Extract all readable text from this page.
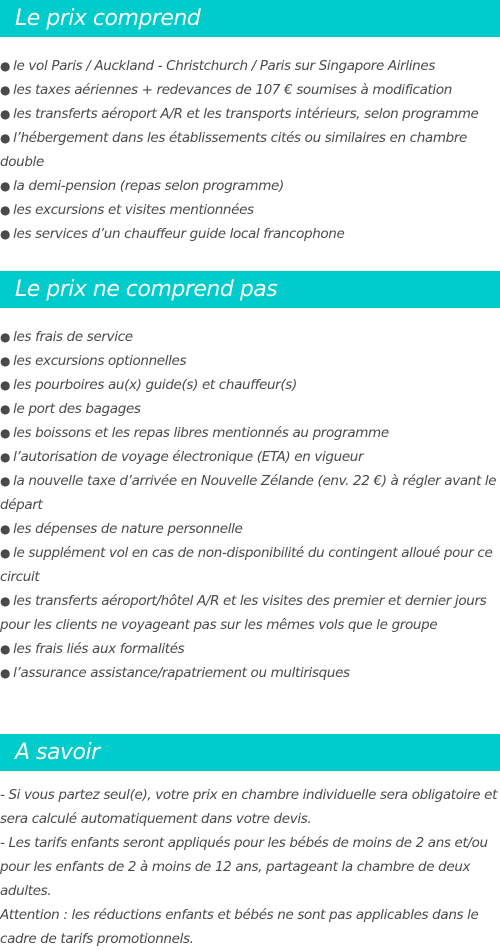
Le prix comprend
● le vol Paris / Auckland - Christchurch / Paris sur Singapore Airlines
● les taxes aériennes + redevances de 107 € soumises à modification
● les transferts aéroport A/R et les transports intérieurs, selon programme
● l’hébergement dans les établissements cités ou similaires en chambre double
● la demi-pension (repas selon programme)
● les excursions et visites mentionnées
● les services d’un chauffeur guide local francophone
Le prix ne comprend pas
● les frais de service
● les excursions optionnelles
● les pourboires au(x) guide(s) et chauffeur(s)
● le port des bagages
● les boissons et les repas libres mentionnés au programme
● l’autorisation de voyage électronique (ETA) en vigueur
● la nouvelle taxe d’arrivée en Nouvelle Zélande (env. 22 €) à régler avant le départ
● les dépenses de nature personnelle
● le supplément vol en cas de non-disponibilité du contingent alloué pour ce circuit
● les transferts aéroport/hôtel A/R et les visites des premier et dernier jours pour les clients ne voyageant pas sur les mêmes vols que le groupe
● les frais liés aux formalités
● l’assurance assistance/rapatriement ou multirisques
A savoir
- Si vous partez seul(e), votre prix en chambre individuelle sera obligatoire et sera calculé automatiquement dans votre devis.
- Les tarifs enfants seront appliqués pour les bébés de moins de 2 ans et/ou pour les enfants de 2 à moins de 12 ans, partageant la chambre de deux adultes.
Attention : les réductions enfants et bébés ne sont pas applicables dans le cadre de tarifs promotionnels.
